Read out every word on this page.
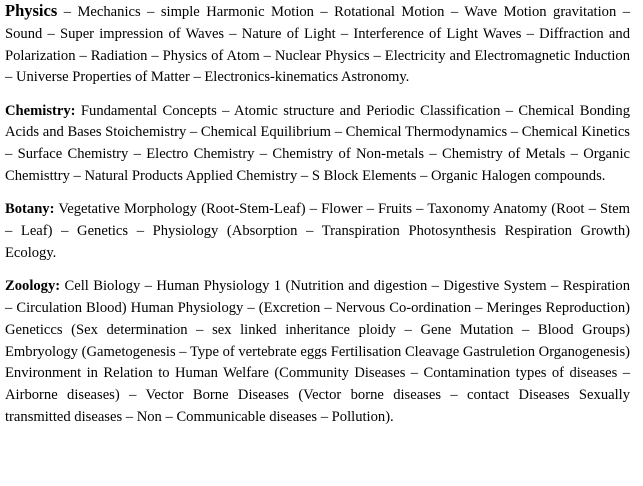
Physics – Mechanics – simple Harmonic Motion – Rotational Motion – Wave Motion gravitation – Sound – Super impression of Waves – Nature of Light – Interference of Light Waves – Diffraction and Polarization – Radiation – Physics of Atom – Nuclear Physics – Electricity and Electromagnetic Induction – Universe Properties of Matter – Electronics-kinematics Astronomy.

Chemistry: Fundamental Concepts – Atomic structure and Periodic Classification – Chemical Bonding Acids and Bases Stoichemistry – Chemical Equilibrium – Chemical Thermodynamics – Chemical Kinetics – Surface Chemistry – Electro Chemistry – Chemistry of Non-metals – Chemistry of Metals – Organic Chemisttry – Natural Products Applied Chemistry – S Block Elements – Organic Halogen compounds.

Botany: Vegetative Morphology (Root-Stem-Leaf) – Flower – Fruits – Taxonomy Anatomy (Root – Stem – Leaf) – Genetics – Physiology (Absorption – Transpiration Photosynthesis Respiration Growth) Ecology.

Zoology: Cell Biology – Human Physiology 1 (Nutrition and digestion – Digestive System – Respiration – Circulation Blood) Human Physiology – (Excretion – Nervous Co-ordination – Meringes Reproduction) Geneticcs (Sex determination – sex linked inheritance ploidy – Gene Mutation – Blood Groups) Embryology (Gametogenesis – Type of vertebrate eggs Fertilisation Cleavage Gastruletion Organogenesis) Environment in Relation to Human Welfare (Community Diseases – Contamination types of diseases – Airborne diseases) – Vector Borne Diseases (Vector borne diseases – contact Diseases Sexually transmitted diseases – Non – Communicable diseases – Pollution).
